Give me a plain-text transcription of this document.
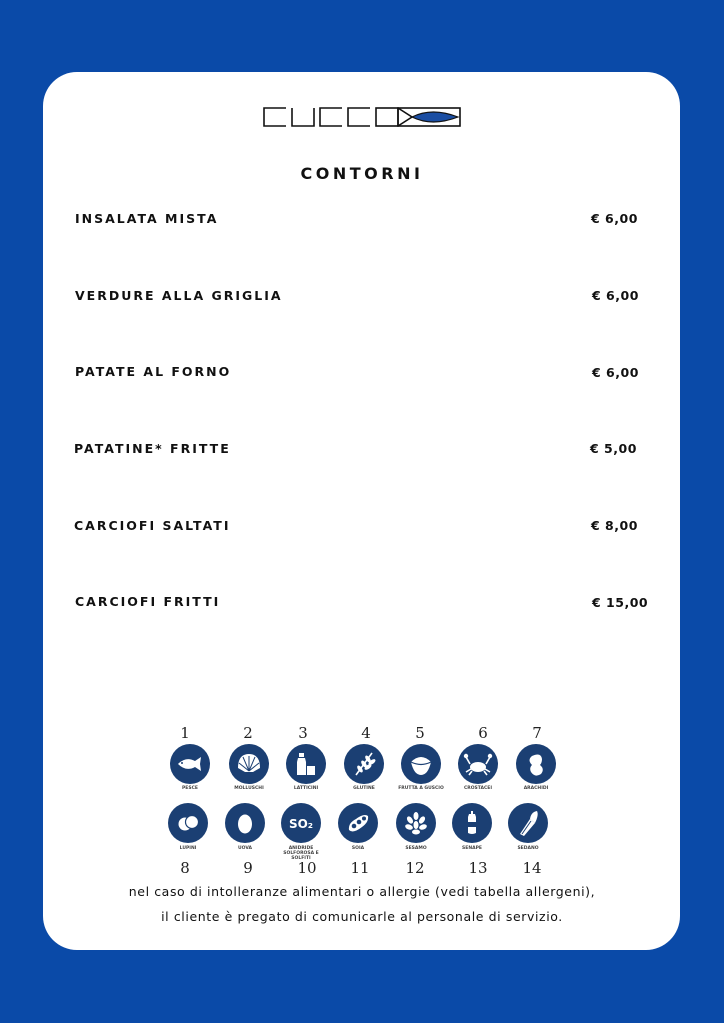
CONTORNI
INSALATA MISTA	€ 6,00
VERDURE ALLA GRIGLIA	€ 6,00
PATATE AL FORNO	€ 6,00
PATATINE* FRITTE	€ 5,00
CARCIOFI SALTATI	€ 8,00
CARCIOFI FRITTI	€ 15,00
1	2	3	4	5	6	7
PESCE	MOLLUSCHI	LATTICINI	GLUTINE	FRUTTA A GUSCIO	CROSTACEI	ARACHIDI
SO₂
LUPINI	UOVA	ANIDRIDE SOLFOROSA E SOLFITI
SOIA	SESAMO	SENAPE	SEDANO
8	9	10	11	12	13	14
nel caso di intolleranze alimentari o allergie (vedi tabella allergeni),
il cliente è pregato di comunicarle al personale di servizio.
